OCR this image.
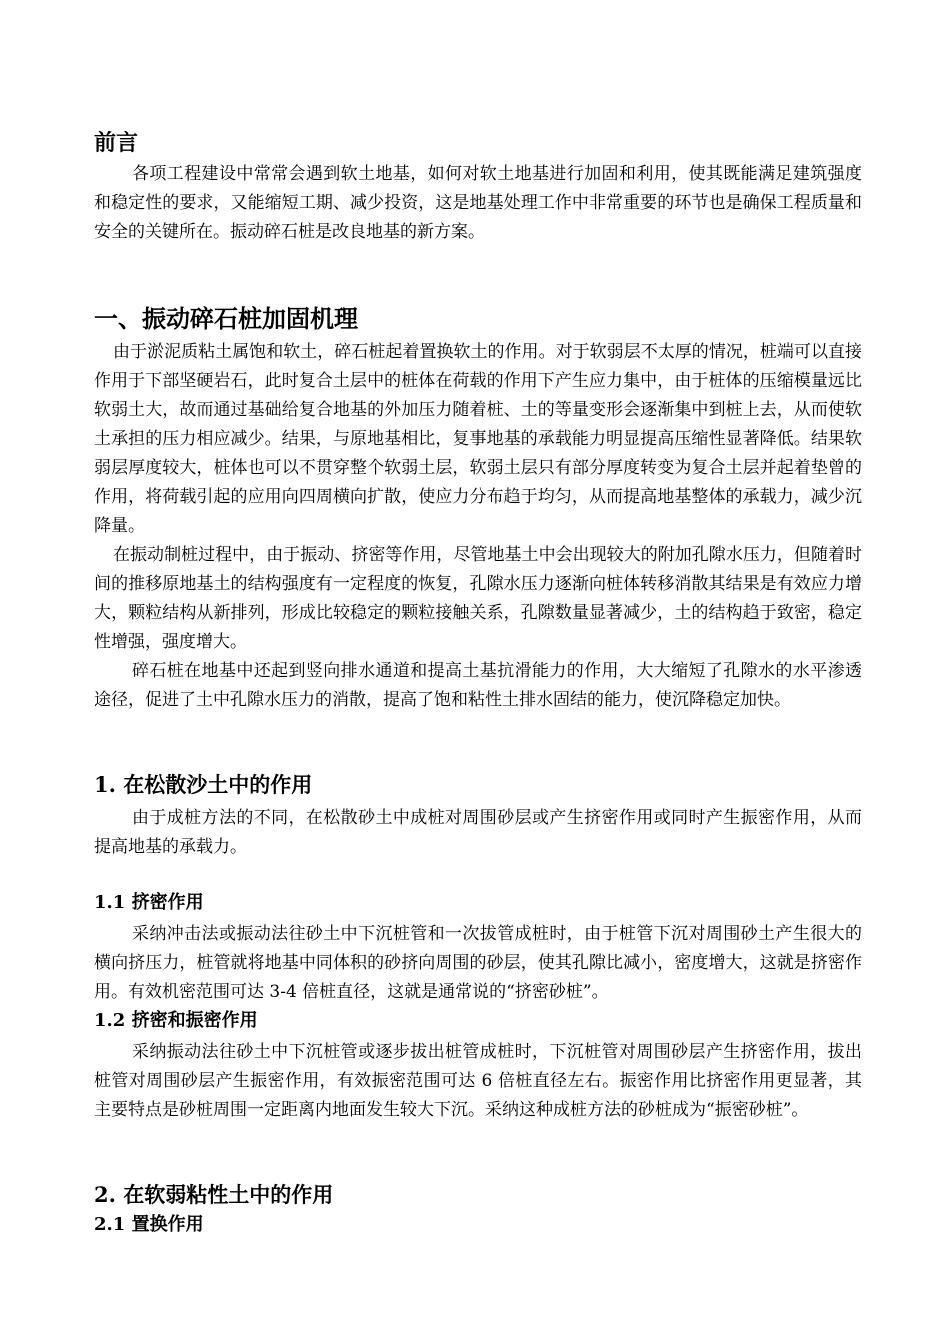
前言

各项工程建设中常常会遇到软土地基，如何对软土地基进行加固和利用，使其既能满足建筑强度和稳定性的要求，又能缩短工期、减少投资，这是地基处理工作中非常重要的环节也是确保工程质量和安全的关键所在。振动碎石桩是改良地基的新方案。

一、振动碎石桩加固机理

由于淤泥质粘土属饱和软土，碎石桩起着置换软土的作用。对于软弱层不太厚的情况，桩端可以直接作用于下部坚硬岩石，此时复合土层中的桩体在荷载的作用下产生应力集中，由于桩体的压缩模量远比软弱土大，故而通过基础给复合地基的外加压力随着桩、土的等量变形会逐渐集中到桩上去，从而使软土承担的压力相应减少。结果，与原地基相比，复事地基的承载能力明显提高压缩性显著降低。结果软弱层厚度较大，桩体也可以不贯穿整个软弱土层，软弱土层只有部分厚度转变为复合土层并起着垫曾的作用，将荷载引起的应用向四周横向扩散，使应力分布趋于均匀，从而提高地基整体的承载力，减少沉降量。

在振动制桩过程中，由于振动、挤密等作用，尽管地基土中会出现较大的附加孔隙水压力，但随着时间的推移原地基土的结构强度有一定程度的恢复，孔隙水压力逐渐向桩体转移消散其结果是有效应力增大，颗粒结构从新排列，形成比较稳定的颗粒接触关系，孔隙数量显著减少，土的结构趋于致密，稳定性增强，强度增大。

碎石桩在地基中还起到竖向排水通道和提高土基抗滑能力的作用，大大缩短了孔隙水的水平渗透途径，促进了土中孔隙水压力的消散，提高了饱和粘性土排水固结的能力，使沉降稳定加快。

1. 在松散沙土中的作用

由于成桩方法的不同，在松散砂土中成桩对周围砂层或产生挤密作用或同时产生振密作用，从而提高地基的承载力。

1.1 挤密作用

采纳冲击法或振动法往砂土中下沉桩管和一次拔管成桩时，由于桩管下沉对周围砂土产生很大的横向挤压力，桩管就将地基中同体积的砂挤向周围的砂层，使其孔隙比减小，密度增大，这就是挤密作用。有效机密范围可达 3-4 倍桩直径，这就是通常说的“挤密砂桩”。

1.2 挤密和振密作用

采纳振动法往砂土中下沉桩管或逐步拔出桩管成桩时，下沉桩管对周围砂层产生挤密作用，拔出桩管对周围砂层产生振密作用，有效振密范围可达 6 倍桩直径左右。振密作用比挤密作用更显著，其主要特点是砂桩周围一定距离内地面发生较大下沉。采纳这种成桩方法的砂桩成为“振密砂桩”。

2. 在软弱粘性土中的作用
2.1 置换作用
